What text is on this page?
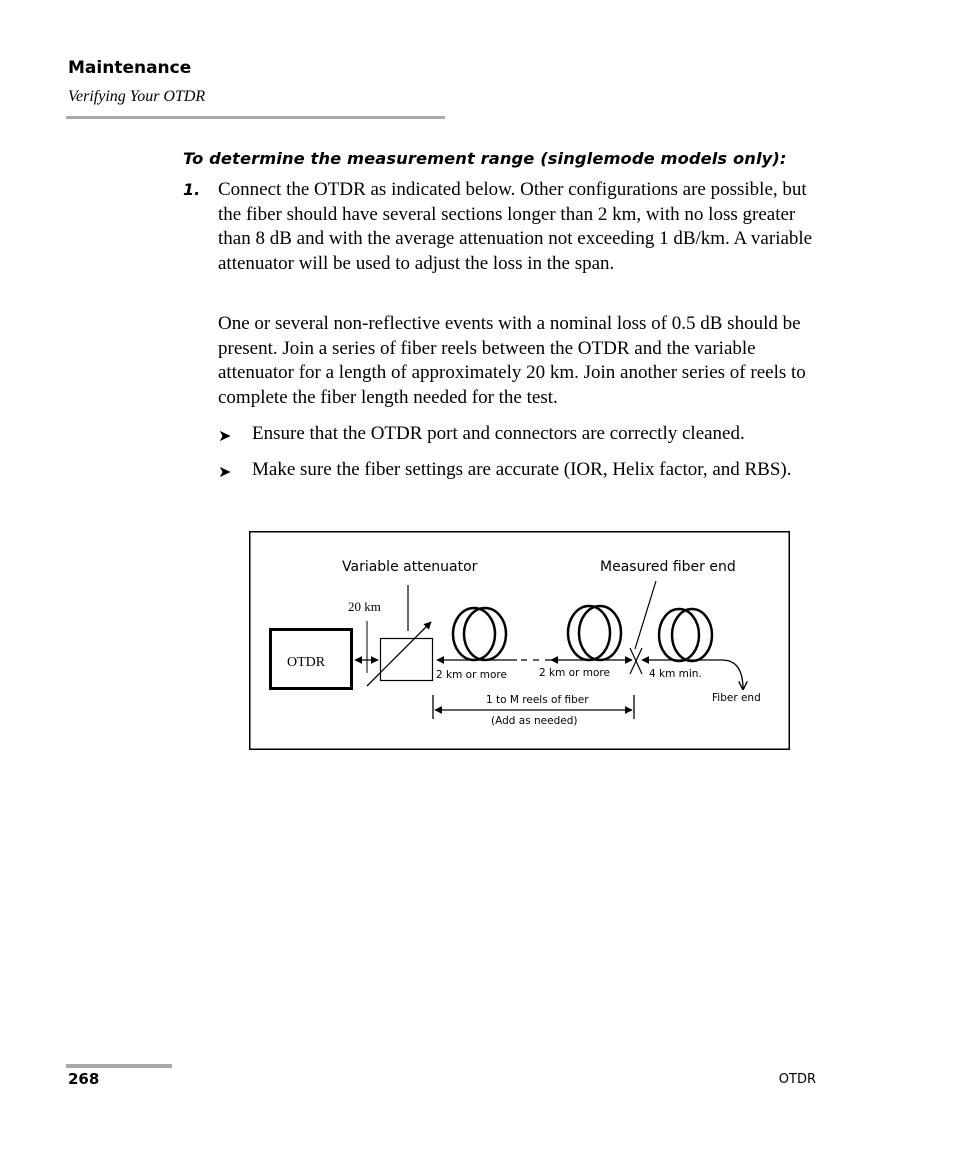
Maintenance
Verifying Your OTDR
To determine the measurement range (singlemode models only):
1. Connect the OTDR as indicated below. Other configurations are possible, but the fiber should have several sections longer than 2 km, with no loss greater than 8 dB and with the average attenuation not exceeding 1 dB/km. A variable attenuator will be used to adjust the loss in the span.
One or several non-reflective events with a nominal loss of 0.5 dB should be present. Join a series of fiber reels between the OTDR and the variable attenuator for a length of approximately 20 km. Join another series of reels to complete the fiber length needed for the test.
➤ Ensure that the OTDR port and connectors are correctly cleaned.
➤ Make sure the fiber settings are accurate (IOR, Helix factor, and RBS).
Variable attenuator	Measured fiber end
OTDR
20 km
2 km or more	2 km or more	4 km min.
Fiber end
1 to M reels of fiber
(Add as needed)
268	OTDR
